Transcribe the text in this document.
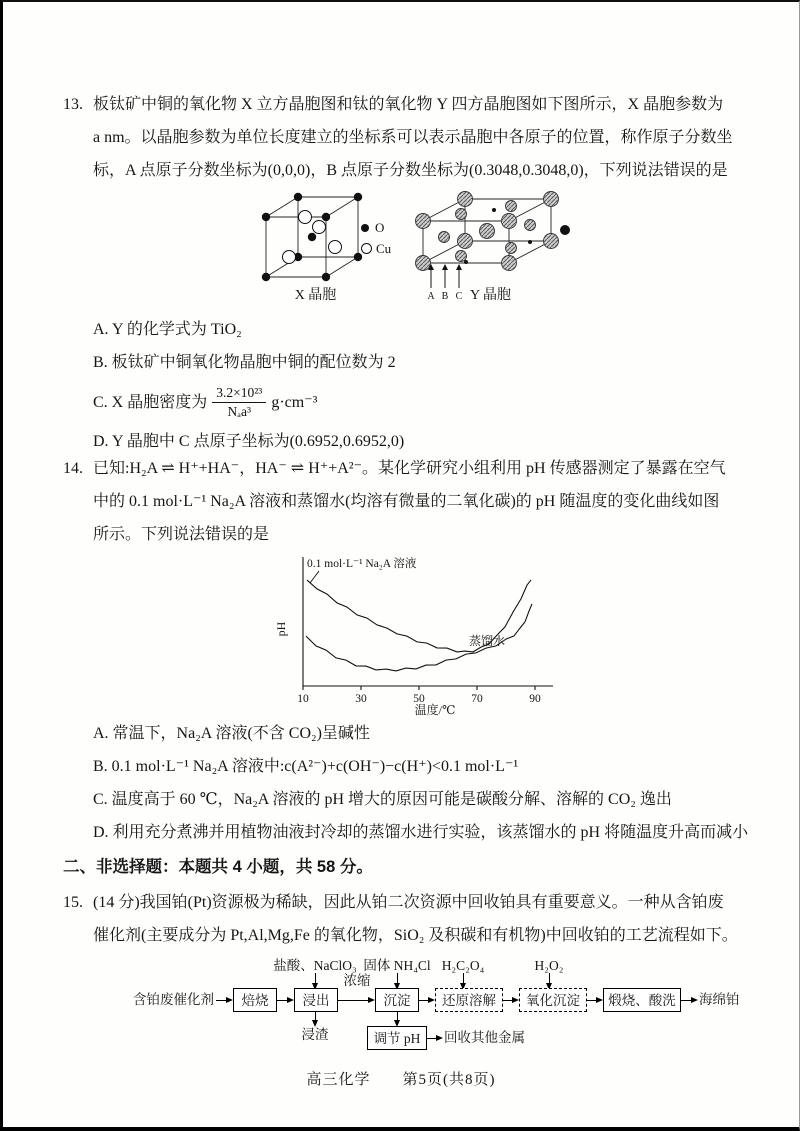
13. 板钛矿中铜的氧化物 X 立方晶胞图和钛的氧化物 Y 四方晶胞图如下图所示，X 晶胞参数为
a nm。以晶胞参数为单位长度建立的坐标系可以表示晶胞中各原子的位置，称作原子分数坐
标，A 点原子分数坐标为(0,0,0)，B 点原子分数坐标为(0.3048,0.3048,0)，下列说法错误的是
O
Cu
A B C
X 晶胞	Y 晶胞
A. Y 的化学式为 TiO₂
B. 板钛矿中铜氧化物晶胞中铜的配位数为 2
C. X 晶胞密度为 $\frac{\text{3.2×10²³}}{\text{Nₐa³}} g\cdot cm^{-3}$
D. Y 晶胞中 C 点原子坐标为(0.6952,0.6952,0)
14. 已知:H₂A ⇌ H⁺+HA⁻，HA⁻ ⇌ H⁺+A²⁻。某化学研究小组利用 pH 传感器测定了暴露在空气
中的 0.1 mol·L⁻¹ Na₂A 溶液和蒸馏水(均溶有微量的二氧化碳)的 pH 随温度的变化曲线如图
所示。下列说法错误的是
0.1 mol·L⁻¹ Na₂A 溶液
蒸馏水
pH
10	30	50	70	90
温度/℃
A. 常温下，Na₂A 溶液(不含 CO₂)呈碱性
B. 0.1 mol·L⁻¹ Na₂A 溶液中:c(A²⁻)+c(OH⁻)−c(H⁺)<0.1 mol·L⁻¹
C. 温度高于 60 ℃，Na₂A 溶液的 pH 增大的原因可能是碳酸分解、溶解的 CO₂ 逸出
D. 利用充分煮沸并用植物油液封冷却的蒸馏水进行实验，该蒸馏水的 pH 将随温度升高而减小
二、非选择题：本题共 4 小题，共 58 分。
15. (14 分)我国铂(Pt)资源极为稀缺，因此从铂二次资源中回收铂具有重要意义。一种从含铂废
催化剂(主要成分为 Pt,Al,Mg,Fe 的氧化物，SiO₂ 及积碳和有机物)中回收铂的工艺流程如下。
盐酸、NaClO₃ 固体 NH₄Cl H₂C₂O₄	H₂O₂
含铂废催化剂	焙烧	浸出
浓缩
沉淀	还原溶解	氧化沉淀	煅烧、酸洗	海绵铂
浸渣	调节 pH	回收其他金属
高三化学　　第5页(共8页)
